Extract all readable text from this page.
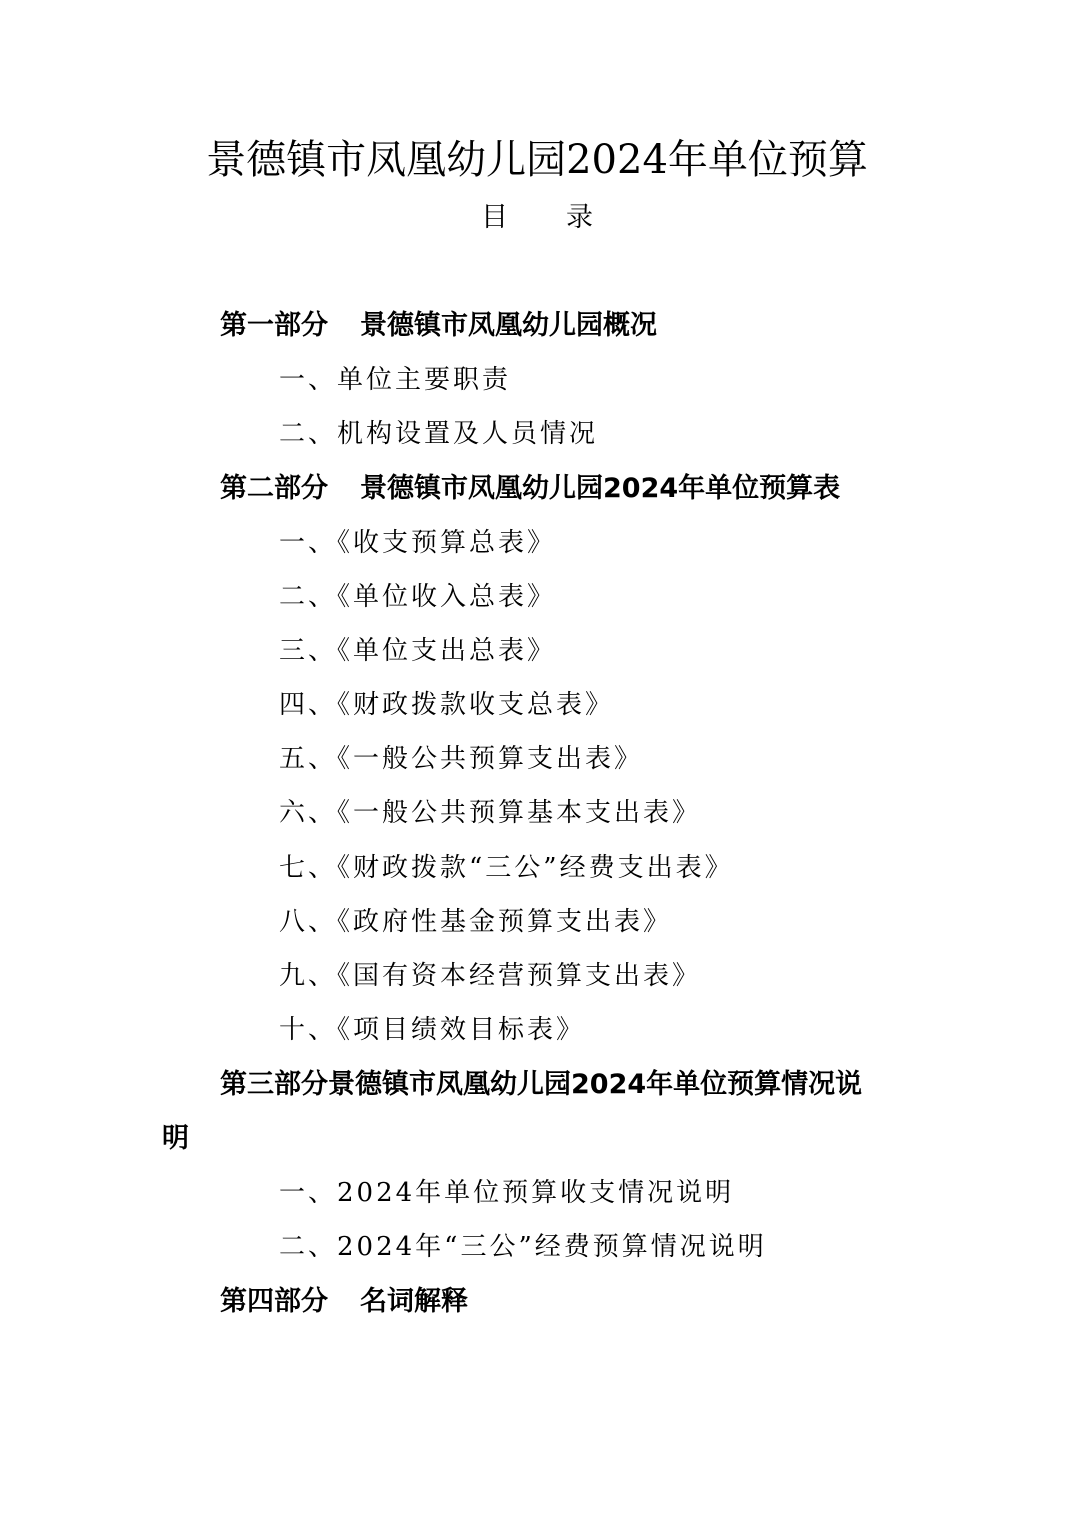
景德镇市凤凰幼儿园2024年单位预算
目录
第一部分 景德镇市凤凰幼儿园概况
一、单位主要职责
二、机构设置及人员情况
第二部分 景德镇市凤凰幼儿园2024年单位预算表
一、《收支预算总表》
二、《单位收入总表》
三、《单位支出总表》
四、《财政拨款收支总表》
五、《一般公共预算支出表》
六、《一般公共预算基本支出表》
七、《财政拨款“三公”经费支出表》
八、《政府性基金预算支出表》
九、《国有资本经营预算支出表》
十、《项目绩效目标表》
第三部分景德镇市凤凰幼儿园2024年单位预算情况说
明
一、2024年单位预算收支情况说明
二、2024年“三公”经费预算情况说明
第四部分 名词解释
